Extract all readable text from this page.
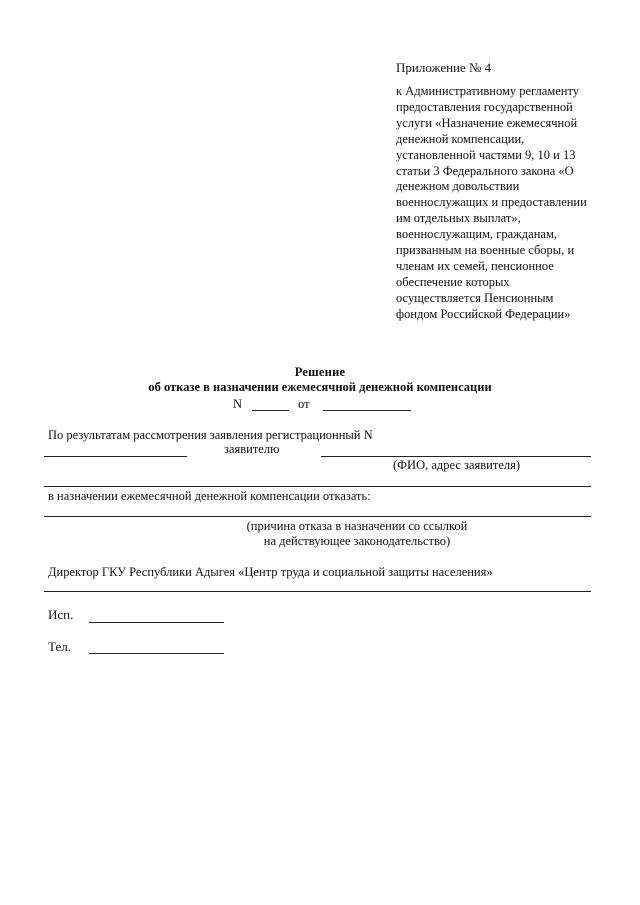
Приложение № 4
к Административному регламенту
предоставления государственной
услуги «Назначение ежемесячной
денежной компенсации,
установленной частями 9, 10 и 13
статьи 3 Федерального закона «О
денежном довольствии
военнослужащих и предоставлении
им отдельных выплат»,
военнослужащим, гражданам,
призванным на военные сборы, и
членам их семей, пенсионное
обеспечение которых
осуществляется Пенсионным
фондом Российской Федерации»
Решение
об отказе в назначении ежемесячной денежной компенсации
N	от
По результатам рассмотрения заявления регистрационный N
заявителю
(ФИО, адрес заявителя)
в назначении ежемесячной денежной компенсации отказать:
(причина отказа в назначении со ссылкой
на действующее законодательство)
Директор ГКУ Республики Адыгея «Центр труда и социальной защиты населения»
Исп.
Тел.
